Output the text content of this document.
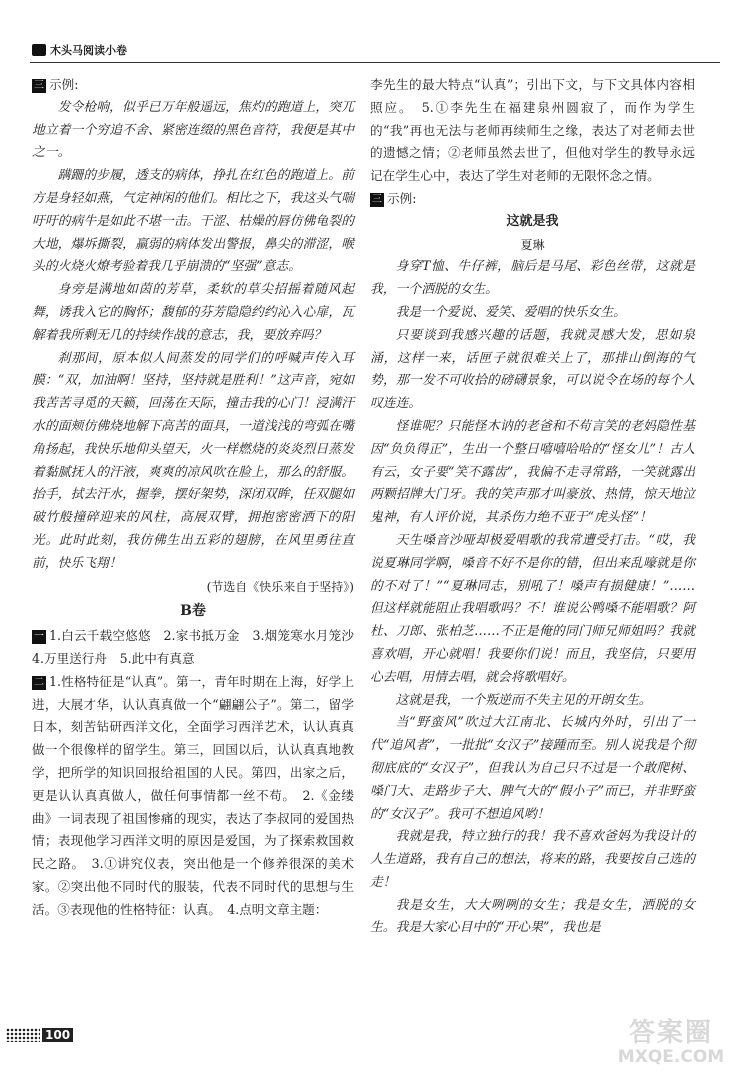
木头马阅读小卷

三 示例:

发令枪响，似乎已万年般遥远，焦灼的跑道上，突兀地立着一个穷追不舍、紧密连缀的黑色音符，我便是其中之一。

蹒跚的步履，透支的病体，挣扎在红色的跑道上。前方是身轻如燕，气定神闲的他们。相比之下，我这头气喘吁吁的病牛是如此不堪一击。干涩、枯燥的唇仿佛龟裂的大地，爆坼撕裂，羸弱的病体发出警报，鼻尖的滞涩，喉头的火烧火燎考验着我几乎崩溃的“坚强”意志。

身旁是满地如茵的芳草，柔软的草尖招摇着随风起舞，诱我入它的胸怀；馥郁的芬芳隐隐约约沁入心扉，瓦解着我所剩无几的持续作战的意志，我，要放弃吗？

刹那间，原本似人间蒸发的同学们的呼喊声传入耳膜：“双，加油啊！坚持，坚持就是胜利！”这声音，宛如我苦苦寻觅的天籁，回荡在天际，撞击我的心门！浸满汗水的面颊仿佛烧地解下高苦的面具，一道浅浅的弯弧在嘴角扬起，我快乐地仰头望天，火一样燃烧的炎炎烈日蒸发着黏腻抚人的汗液，爽爽的凉风吹在脸上，那么的舒服。抬手，拭去汗水，握拳，摆好架势，深闭双眸，任双腿如破竹般撞碎迎来的风柱，高展双臂，拥抱密密洒下的阳光。此时此刻，我仿佛生出五彩的翅膀，在风里勇往直前，快乐飞翔！

(节选自《快乐来自于坚持》)

B卷

一 1.白云千载空悠悠　2.家书抵万金　3.烟笼寒水月笼沙　4.万里送行舟　5.此中有真意

二 1.性格特征是“认真”。第一，青年时期在上海，好学上进，大展才华，认认真真做一个“翩翩公子”。第二，留学日本，刻苦钻研西洋文化，全面学习西洋艺术，认认真真做一个很像样的留学生。第三，回国以后，认认真真地教学，把所学的知识回报给祖国的人民。第四，出家之后，更是认认真真做人，做任何事情都一丝不苟。　2.《金缕曲》一词表现了祖国惨痛的现实，表达了李叔同的爱国热情；表现他学习西洋文明的原因是爱国，为了探索救国救民之路。　3.①讲究仪表，突出他是一个修养很深的美术家。②突出他不同时代的服装，代表不同时代的思想与生活。③表现他的性格特征：认真。　4.点明文章主题：

李先生的最大特点“认真”；引出下文，与下文具体内容相照应。　5.①李先生在福建泉州圆寂了，而作为学生的“我”再也无法与老师再续师生之缘，表达了对老师去世的遗憾之情；②老师虽然去世了，但他对学生的教导永远记在学生心中，表达了学生对老师的无限怀念之情。

三 示例:

这就是我

夏琳

身穿T恤、牛仔裤，脑后是马尾、彩色丝带，这就是我，一个洒脱的女生。

我是一个爱说、爱笑、爱唱的快乐女生。

只要谈到我感兴趣的话题，我就灵感大发，思如泉涌，这样一来，话匣子就很难关上了，那排山倒海的气势，那一发不可收拾的磅礴景象，可以说令在场的每个人叹连连。

怪谁呢？只能怪木讷的老爸和不苟言笑的老妈隐性基因“负负得正”，生出一个整日嘻嘻哈哈的“怪女儿”！古人有云，女子要“笑不露齿”，我偏不走寻常路，一笑就露出两颗招牌大门牙。我的笑声那才叫豪放、热情，惊天地泣鬼神，有人评价说，其杀伤力绝不亚于“虎头怪”！

天生嗓音沙哑却极爱唱歌的我常遭受打击。“哎，我说夏琳同学啊，嗓音不好不是你的错，但出来乱嚎就是你的不对了！”“夏琳同志，别吼了！嗓声有损健康！”……但这样就能阻止我唱歌吗？不！谁说公鸭嗓不能唱歌？阿杜、刀郎、张柏芝……不正是俺的同门师兄师姐吗？我就喜欢唱，开心就唱！我要你们说！而且，我坚信，只要用心去唱，用情去唱，就会将歌唱好。

这就是我，一个叛逆而不失主见的开朗女生。

当“野蛮风”吹过大江南北、长城内外时，引出了一代“追风者”，一批批“女汉子”接踵而至。别人说我是个彻彻底底的“女汉子”，但我认为自己只不过是一个敢爬树、嗓门大、走路步子大、脾气大的“假小子”而已，并非野蛮的“女汉子”。我可不想追风哟！

我就是我，特立独行的我！我不喜欢爸妈为我设计的人生道路，我有自己的想法，将来的路，我要按自己选的走！

我是女生，大大咧咧的女生；我是女生，洒脱的女生。我是大家心目中的“开心果”，我也是

100	答案圈
MXQE.COM
